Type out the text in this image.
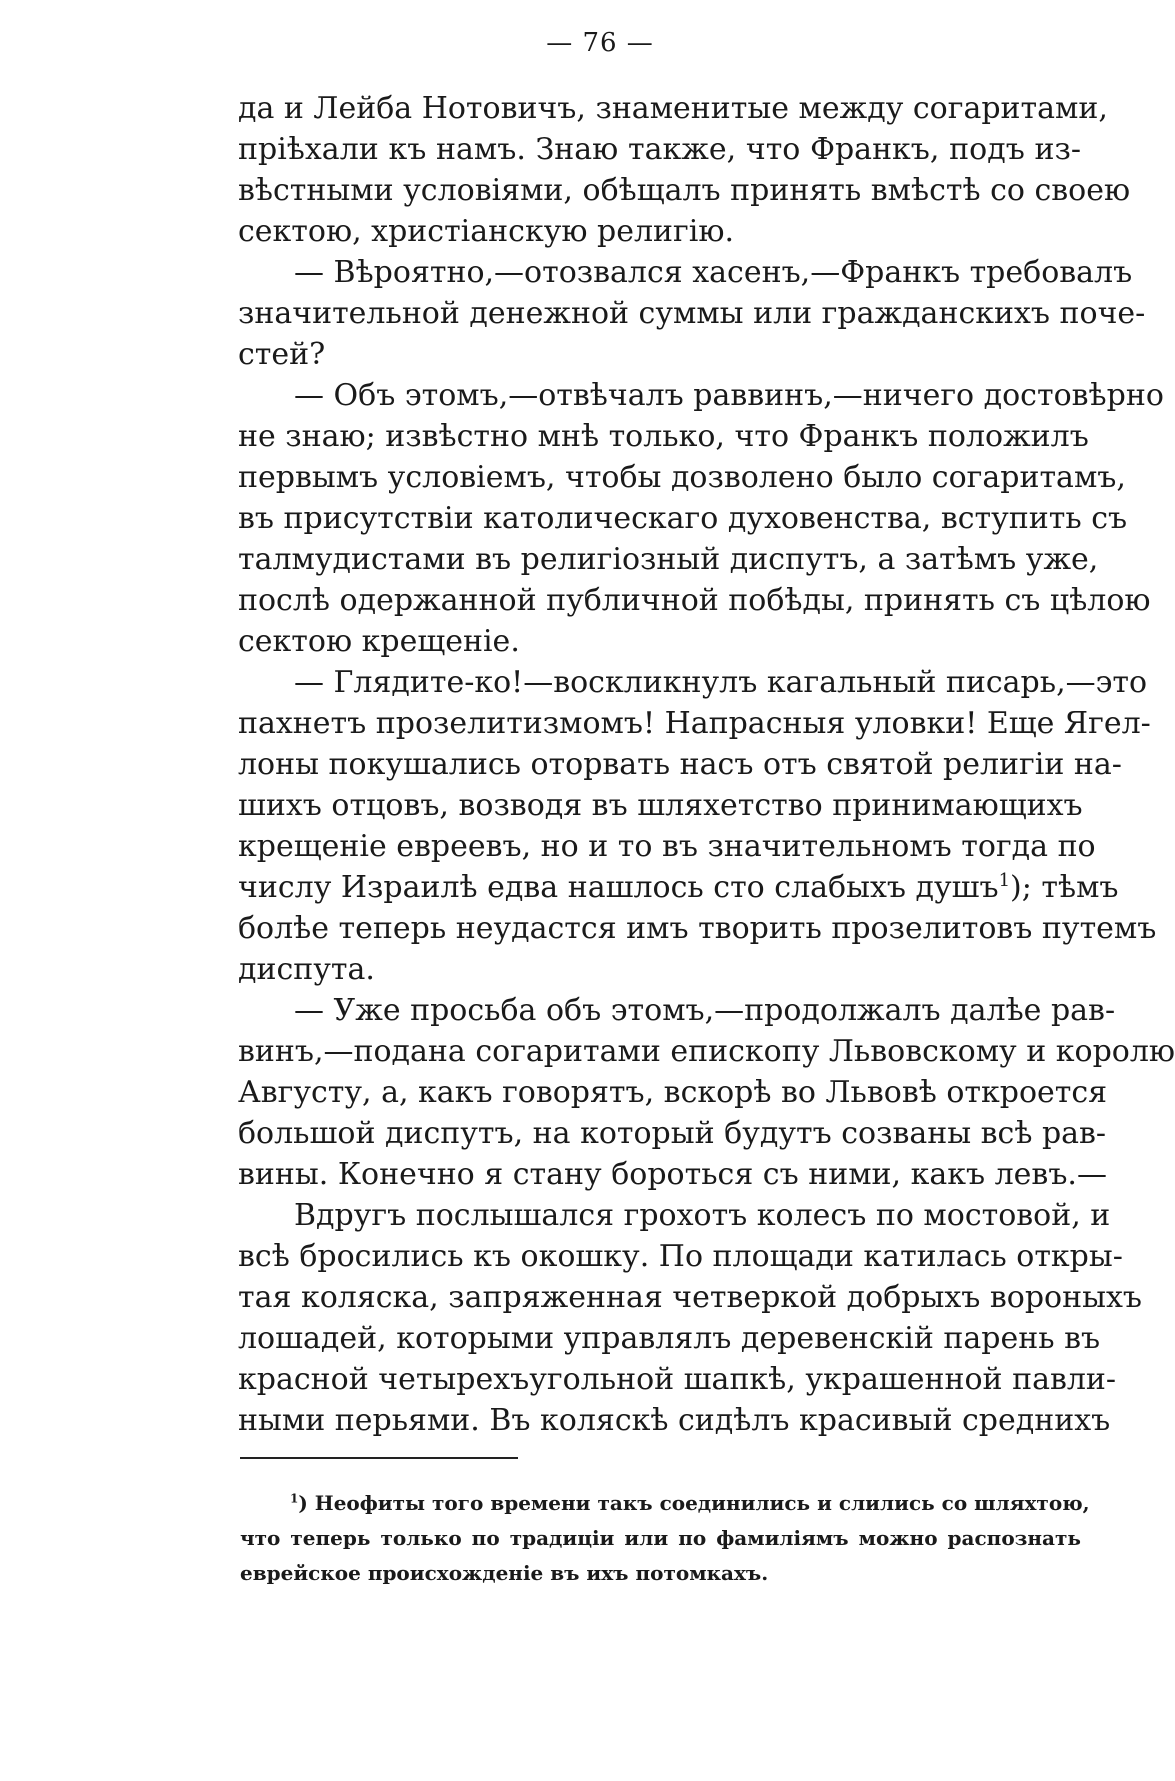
— 76 —
да и Лейба Нотовичъ, знаменитые между согаритами,
пріѣхали къ намъ. Знаю также, что Франкъ, подъ из-
вѣстными условіями, обѣщалъ принять вмѣстѣ со своею
сектою, христіанскую религію.
— Вѣроятно,—отозвался хасенъ,—Франкъ требовалъ
значительной денежной суммы или гражданскихъ поче-
стей?
— Объ этомъ,—отвѣчалъ раввинъ,—ничего достовѣрно
не знаю; извѣстно мнѣ только, что Франкъ положилъ
первымъ условіемъ, чтобы дозволено было согаритамъ,
въ присутствіи католическаго духовенства, вступить съ
талмудистами въ религіозный диспутъ, а затѣмъ уже,
послѣ одержанной публичной побѣды, принять съ цѣлою
сектою крещеніе.
— Глядите-ко!—воскликнулъ кагальный писарь,—это
пахнетъ прозелитизмомъ! Напрасныя уловки! Еще Ягел-
лоны покушались оторвать насъ отъ святой религіи на-
шихъ отцовъ, возводя въ шляхетство принимающихъ
крещеніе евреевъ, но и то въ значительномъ тогда по
числу Израилѣ едва нашлось сто слабыхъ душъ$^1$); тѣмъ
болѣе теперь неудастся имъ творить прозелитовъ путемъ
диспута.
— Уже просьба объ этомъ,—продолжалъ далѣе рав-
винъ,—подана согаритами епископу Львовскому и королю
Августу, а, какъ говорятъ, вскорѣ во Львовѣ откроется
большой диспутъ, на который будутъ созваны всѣ рав-
вины. Конечно я стану бороться съ ними, какъ левъ.—
Вдругъ послышался грохотъ колесъ по мостовой, и
всѣ бросились къ окошку. По площади катилась откры-
тая коляска, запряженная четверкой добрыхъ вороныхъ
лошадей, которыми управлялъ деревенскій парень въ
красной четырехъугольной шапкѣ, украшенной павли-
ными перьями. Въ коляскѣ сидѣлъ красивый среднихъ
$^1$) Неофиты того времени такъ соединились и слились со шляхтою,
что теперь только по традиціи или по фамиліямъ можно распознать
еврейское происхожденіе въ ихъ потомкахъ.
